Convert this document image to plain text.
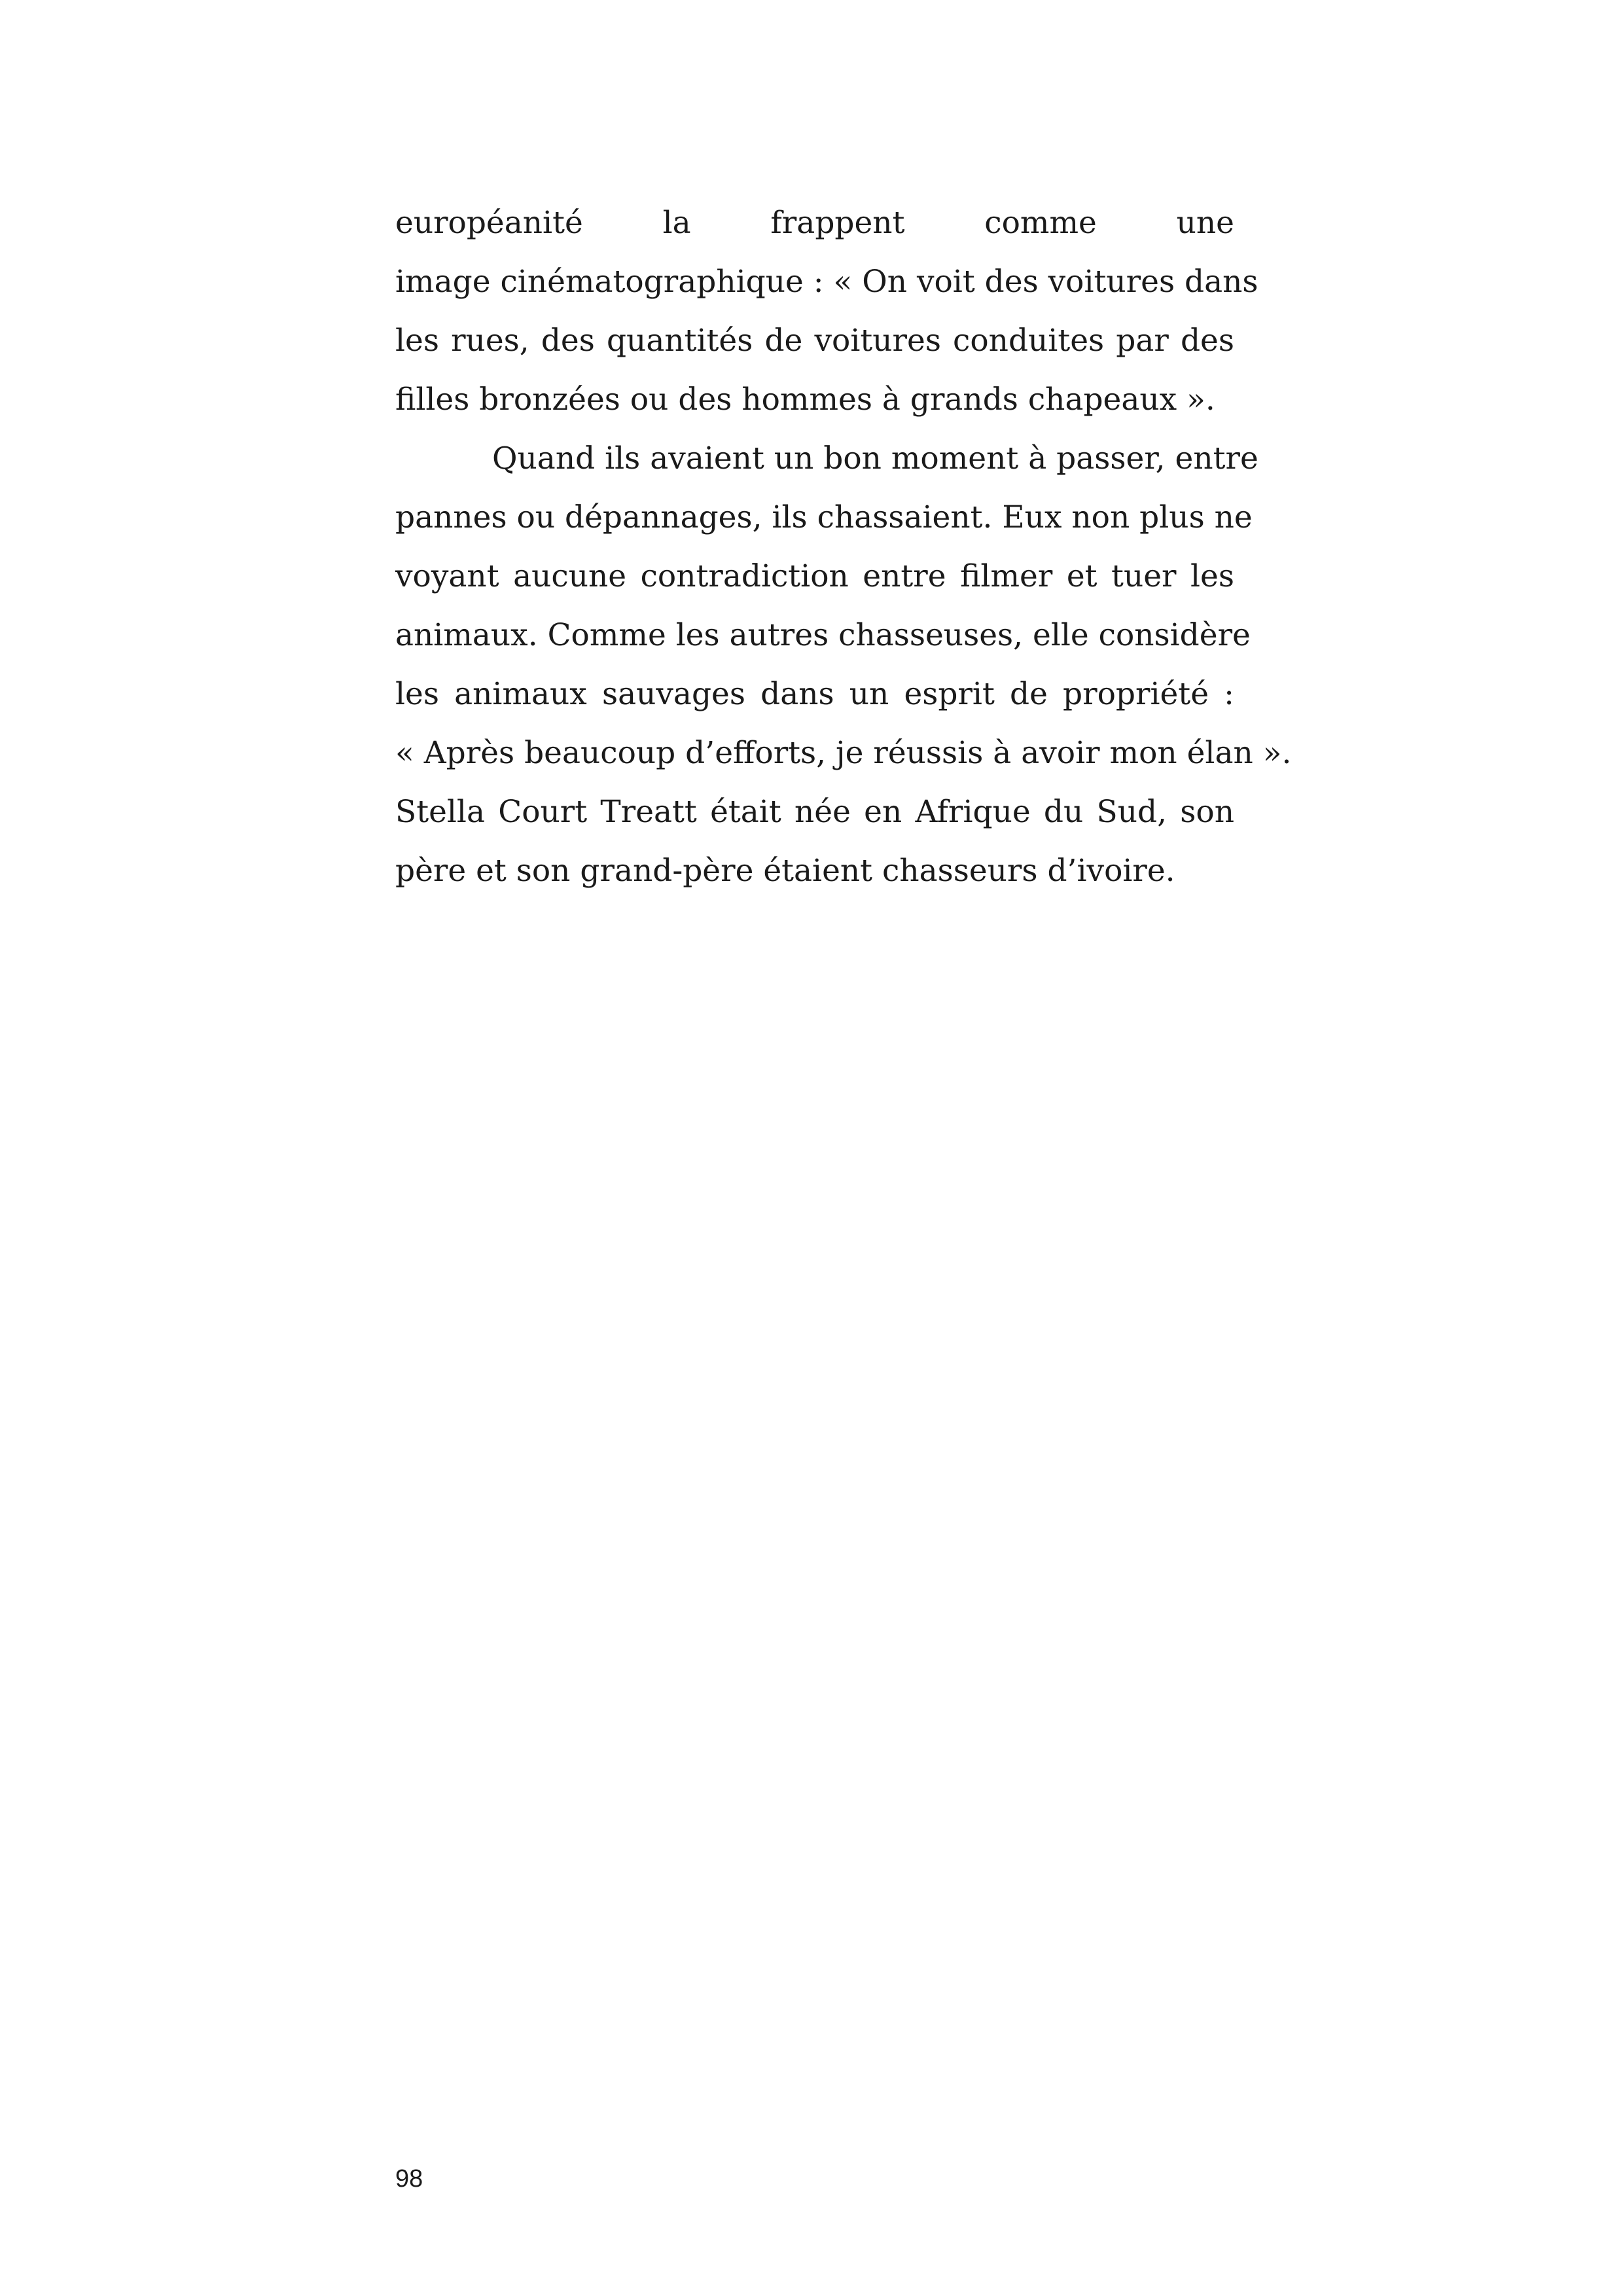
européanité la frappent comme une
image cinématographique : « On voit des voitures dans
les rues, des quantités de voitures conduites par des
filles bronzées ou des hommes à grands chapeaux ».
Quand ils avaient un bon moment à passer, entre
pannes ou dépannages, ils chassaient. Eux non plus ne
voyant aucune contradiction entre filmer et tuer les
animaux. Comme les autres chasseuses, elle considère
les animaux sauvages dans un esprit de propriété :
« Après beaucoup d’efforts, je réussis à avoir mon élan ».
Stella Court Treatt était née en Afrique du Sud, son
père et son grand-père étaient chasseurs d’ivoire.
98
